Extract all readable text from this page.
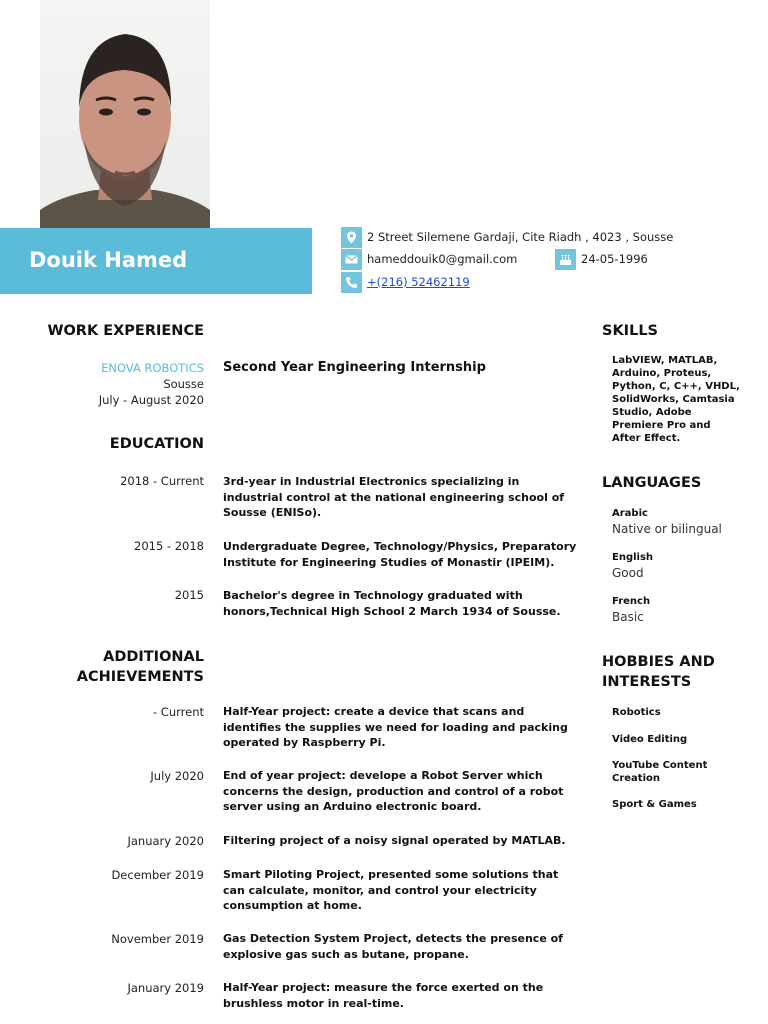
Douik Hamed
2 Street Silemene Gardaji, Cite Riadh , 4023 , Sousse
hameddouik0@gmail.com	24-05-1996
+(216) 52462119
WORK EXPERIENCE
ENOVA ROBOTICS
Sousse
July - August 2020
Second Year Engineering Internship
EDUCATION
2018 - Current 3rd-year in Industrial Electronics specializing in industrial control at the national engineering school of Sousse (ENISo).
2015 - 2018 Undergraduate Degree, Technology/Physics, Preparatory Institute for Engineering Studies of Monastir (IPEIM).
2015 Bachelor's degree in Technology graduated with honors,Technical High School 2 March 1934 of Sousse.
ADDITIONAL
ACHIEVEMENTS
- Current Half-Year project: create a device that scans and identifies the supplies we need for loading and packing operated by Raspberry Pi.
July 2020 End of year project: develope a Robot Server which concerns the design, production and control of a robot server using an Arduino electronic board.
January 2020 Filtering project of a noisy signal operated by MATLAB.
December 2019 Smart Piloting Project, presented some solutions that can calculate, monitor, and control your electricity consumption at home.
November 2019 Gas Detection System Project, detects the presence of explosive gas such as butane, propane.
January 2019 Half-Year project: measure the force exerted on the brushless motor in real-time.
SKILLS
LabVIEW, MATLAB, Arduino, Proteus, Python, C, C++, VHDL, SolidWorks, Camtasia Studio, Adobe Premiere Pro and After Effect.
LANGUAGES
Arabic
Native or bilingual
English
Good
French
Basic
HOBBIES AND
INTERESTS
Robotics
Video Editing
YouTube Content Creation
Sport & Games
